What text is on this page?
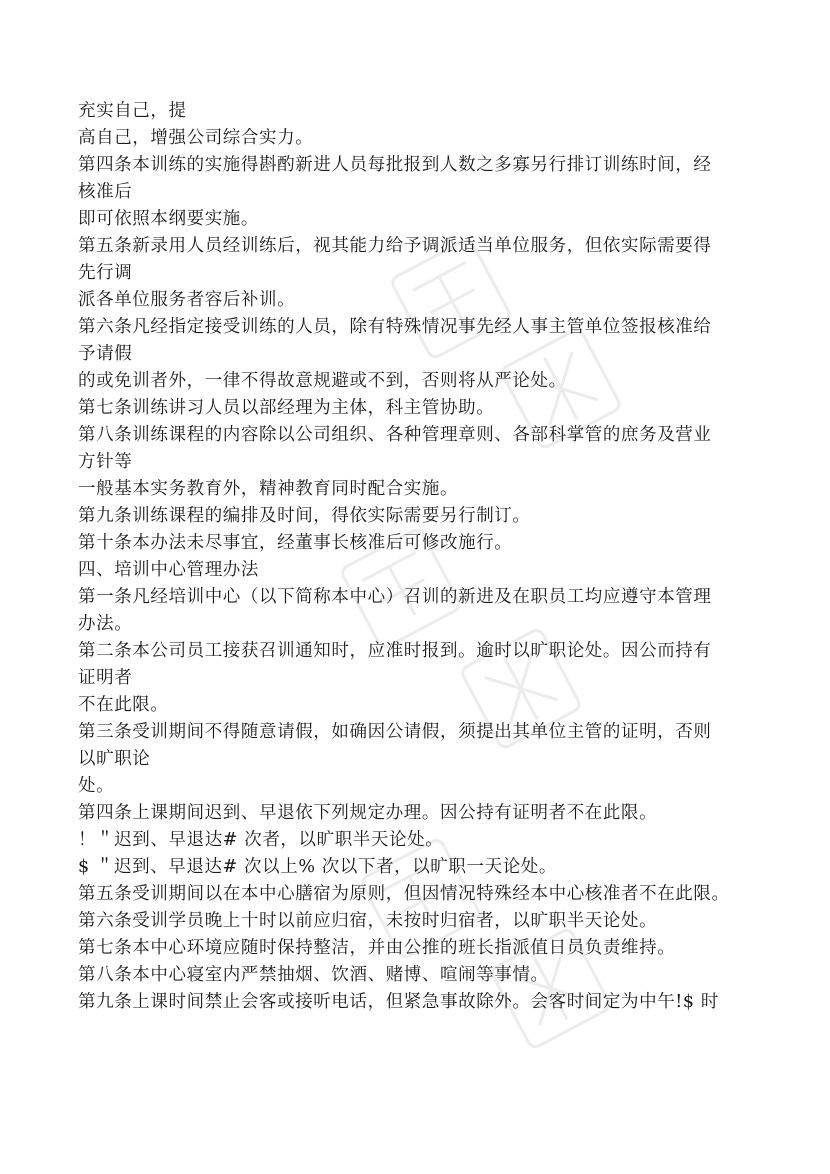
充实自己，提
高自己，增强公司综合实力。
第四条本训练的实施得斟酌新进人员每批报到人数之多寡另行排订训练时间，经
核准后
即可依照本纲要实施。
第五条新录用人员经训练后，视其能力给予调派适当单位服务，但依实际需要得
先行调
派各单位服务者容后补训。
第六条凡经指定接受训练的人员，除有特殊情况事先经人事主管单位签报核准给
予请假
的或免训者外，一律不得故意规避或不到，否则将从严论处。
第七条训练讲习人员以部经理为主体，科主管协助。
第八条训练课程的内容除以公司组织、各种管理章则、各部科掌管的庶务及营业
方针等
一般基本实务教育外，精神教育同时配合实施。
第九条训练课程的编排及时间，得依实际需要另行制订。
第十条本办法未尽事宜，经董事长核准后可修改施行。
四、培训中心管理办法
第一条凡经培训中心（以下简称本中心）召训的新进及在职员工均应遵守本管理
办法。
第二条本公司员工接获召训通知时，应准时报到。逾时以旷职论处。因公而持有
证明者
不在此限。
第三条受训期间不得随意请假，如确因公请假，须提出其单位主管的证明，否则
以旷职论
处。
第四条上课期间迟到、早退依下列规定办理。因公持有证明者不在此限。
！＂迟到、早退达# 次者，以旷职半天论处。
$ ＂迟到、早退达# 次以上% 次以下者，以旷职一天论处。
第五条受训期间以在本中心膳宿为原则，但因情况特殊经本中心核准者不在此限。
第六条受训学员晚上十时以前应归宿，未按时归宿者，以旷职半天论处。
第七条本中心环境应随时保持整洁，并由公推的班长指派值日员负责维持。
第八条本中心寝室内严禁抽烟、饮酒、赌博、喧闹等事情。
第九条上课时间禁止会客或接听电话，但紧急事故除外。会客时间定为中午!$ 时
